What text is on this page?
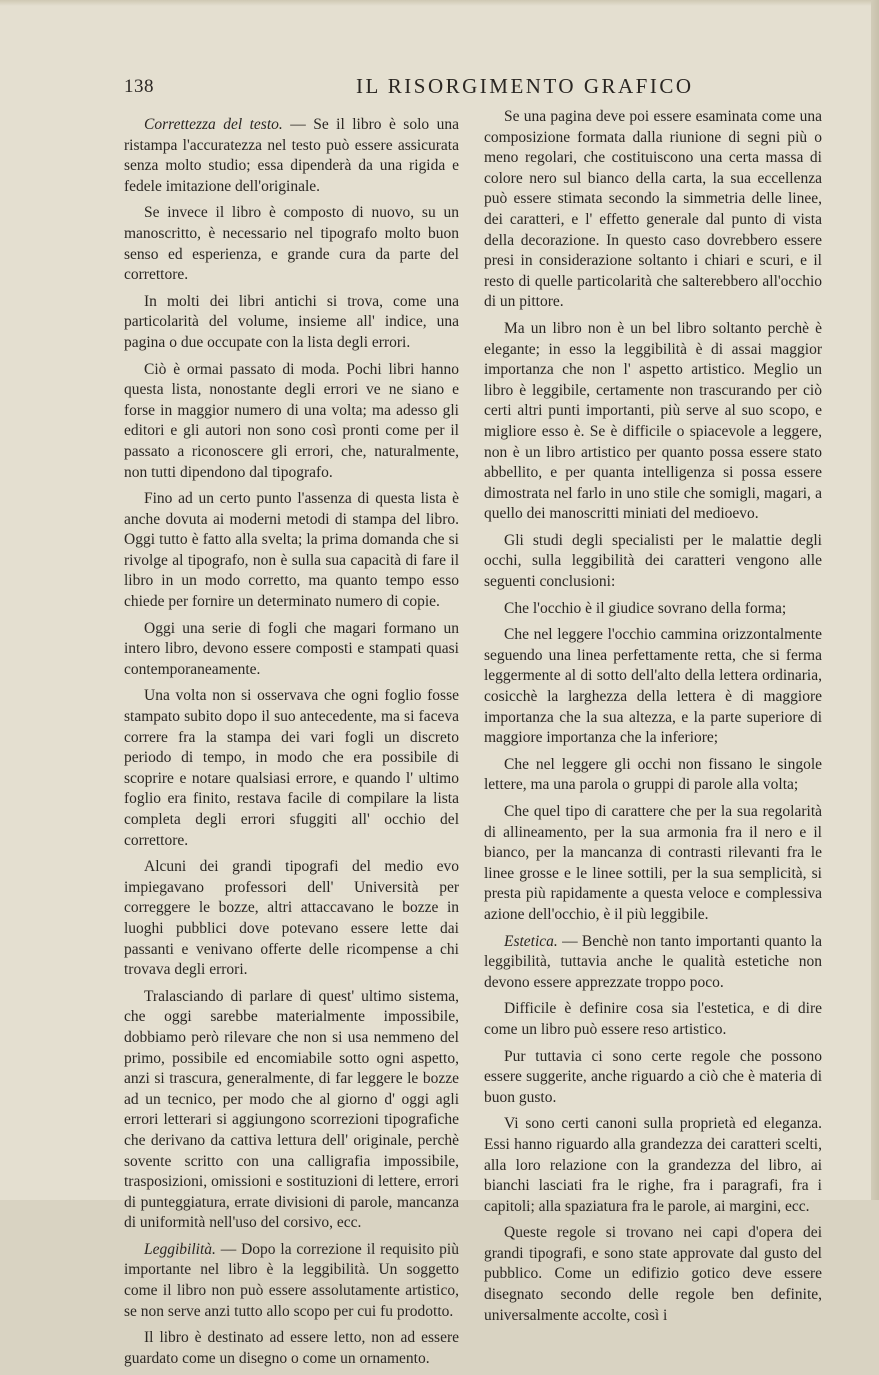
138	IL RISORGIMENTO GRAFICO

Correttezza del testo. — Se il libro è solo una ristampa l'accuratezza nel testo può essere assicurata senza molto studio; essa dipenderà da una rigida e fedele imitazione dell'originale.

Se invece il libro è composto di nuovo, su un manoscritto, è necessario nel tipografo molto buon senso ed esperienza, e grande cura da parte del correttore.

In molti dei libri antichi si trova, come una particolarità del volume, insieme all' indice, una pagina o due occupate con la lista degli errori.

Ciò è ormai passato di moda. Pochi libri hanno questa lista, nonostante degli errori ve ne siano e forse in maggior numero di una volta; ma adesso gli editori e gli autori non sono così pronti come per il passato a riconoscere gli errori, che, naturalmente, non tutti dipendono dal tipografo.

Fino ad un certo punto l'assenza di questa lista è anche dovuta ai moderni metodi di stampa del libro. Oggi tutto è fatto alla svelta; la prima domanda che si rivolge al tipografo, non è sulla sua capacità di fare il libro in un modo corretto, ma quanto tempo esso chiede per fornire un determinato numero di copie.

Oggi una serie di fogli che magari formano un intero libro, devono essere composti e stampati quasi contemporaneamente.

Una volta non si osservava che ogni foglio fosse stampato subito dopo il suo antecedente, ma si faceva correre fra la stampa dei vari fogli un discreto periodo di tempo, in modo che era possibile di scoprire e notare qualsiasi errore, e quando l' ultimo foglio era finito, restava facile di compilare la lista completa degli errori sfuggiti all' occhio del correttore.

Alcuni dei grandi tipografi del medio evo impiegavano professori dell' Università per correggere le bozze, altri attaccavano le bozze in luoghi pubblici dove potevano essere lette dai passanti e venivano offerte delle ricompense a chi trovava degli errori.

Tralasciando di parlare di quest' ultimo sistema, che oggi sarebbe materialmente impossibile, dobbiamo però rilevare che non si usa nemmeno del primo, possibile ed encomiabile sotto ogni aspetto, anzi si trascura, generalmente, di far leggere le bozze ad un tecnico, per modo che al giorno d' oggi agli errori letterari si aggiungono scorrezioni tipografiche che derivano da cattiva lettura dell' originale, perchè sovente scritto con una calligrafia impossibile, trasposizioni, omissioni e sostituzioni di lettere, errori di punteggiatura, errate divisioni di parole, mancanza di uniformità nell'uso del corsivo, ecc.

Leggibilità. — Dopo la correzione il requisito più importante nel libro è la leggibilità. Un soggetto come il libro non può essere assolutamente artistico, se non serve anzi tutto allo scopo per cui fu prodotto.

Il libro è destinato ad essere letto, non ad essere guardato come un disegno o come un ornamento.

Se una pagina deve poi essere esaminata come una composizione formata dalla riunione di segni più o meno regolari, che costituiscono una certa massa di colore nero sul bianco della carta, la sua eccellenza può essere stimata secondo la simmetria delle linee, dei caratteri, e l' effetto generale dal punto di vista della decorazione. In questo caso dovrebbero essere presi in considerazione soltanto i chiari e scuri, e il resto di quelle particolarità che salterebbero all'occhio di un pittore.

Ma un libro non è un bel libro soltanto perchè è elegante; in esso la leggibilità è di assai maggior importanza che non l' aspetto artistico. Meglio un libro è leggibile, certamente non trascurando per ciò certi altri punti importanti, più serve al suo scopo, e migliore esso è. Se è difficile o spiacevole a leggere, non è un libro artistico per quanto possa essere stato abbellito, e per quanta intelligenza si possa essere dimostrata nel farlo in uno stile che somigli, magari, a quello dei manoscritti miniati del medioevo.

Gli studi degli specialisti per le malattie degli occhi, sulla leggibilità dei caratteri vengono alle seguenti conclusioni:

Che l'occhio è il giudice sovrano della forma;

Che nel leggere l'occhio cammina orizzontalmente seguendo una linea perfettamente retta, che si ferma leggermente al di sotto dell'alto della lettera ordinaria, cosicchè la larghezza della lettera è di maggiore importanza che la sua altezza, e la parte superiore di maggiore importanza che la inferiore;

Che nel leggere gli occhi non fissano le singole lettere, ma una parola o gruppi di parole alla volta;

Che quel tipo di carattere che per la sua regolarità di allineamento, per la sua armonia fra il nero e il bianco, per la mancanza di contrasti rilevanti fra le linee grosse e le linee sottili, per la sua semplicità, si presta più rapidamente a questa veloce e complessiva azione dell'occhio, è il più leggibile.

Estetica. — Benchè non tanto importanti quanto la leggibilità, tuttavia anche le qualità estetiche non devono essere apprezzate troppo poco.

Difficile è definire cosa sia l'estetica, e di dire come un libro può essere reso artistico.

Pur tuttavia ci sono certe regole che possono essere suggerite, anche riguardo a ciò che è materia di buon gusto.

Vi sono certi canoni sulla proprietà ed eleganza. Essi hanno riguardo alla grandezza dei caratteri scelti, alla loro relazione con la grandezza del libro, ai bianchi lasciati fra le righe, fra i paragrafi, fra i capitoli; alla spaziatura fra le parole, ai margini, ecc.

Queste regole si trovano nei capi d'opera dei grandi tipografi, e sono state approvate dal gusto del pubblico. Come un edifizio gotico deve essere disegnato secondo delle regole ben definite, universalmente accolte, così i
